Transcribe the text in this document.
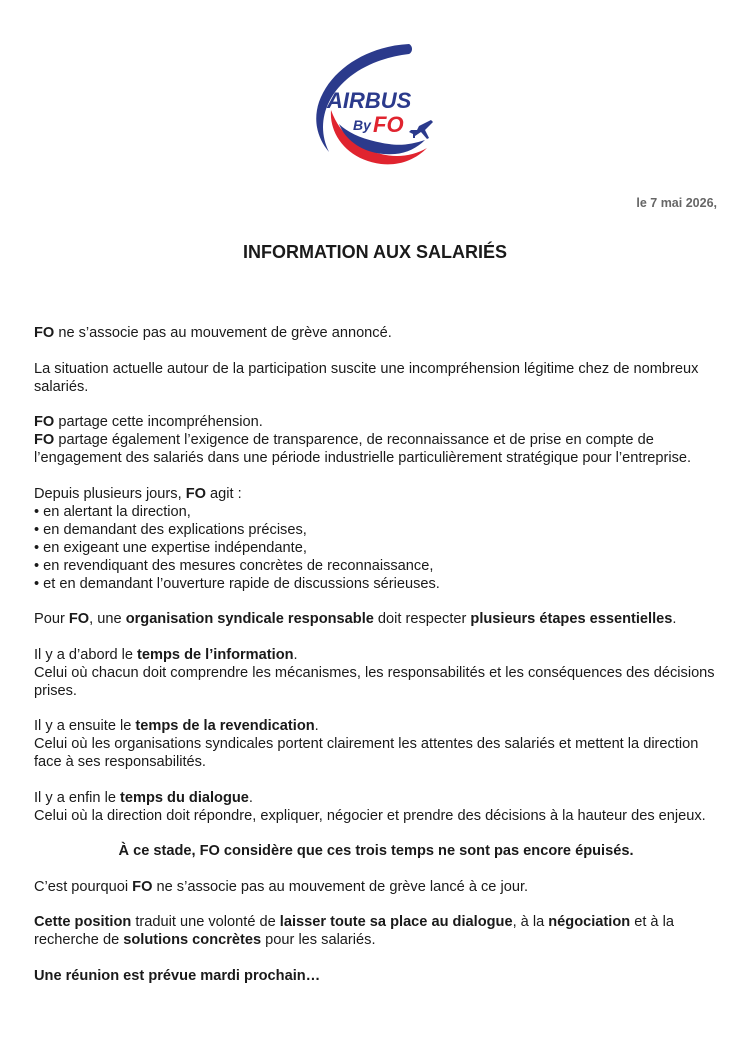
AIRBUS
By FO
le 7 mai 2026,
INFORMATION AUX SALARIÉS

FO ne s’associe pas au mouvement de grève annoncé.

La situation actuelle autour de la participation suscite une incompréhension légitime chez de nombreux salariés.

FO partage cette incompréhension.
FO partage également l’exigence de transparence, de reconnaissance et de prise en compte de l’engagement des salariés dans une période industrielle particulièrement stratégique pour l’entreprise.

Depuis plusieurs jours, FO agit :

• en alertant la direction,
• en demandant des explications précises,
• en exigeant une expertise indépendante,
• en revendiquant des mesures concrètes de reconnaissance,
• et en demandant l’ouverture rapide de discussions sérieuses.

Pour FO, une organisation syndicale responsable doit respecter plusieurs étapes essentielles.

Il y a d’abord le temps de l’information.
Celui où chacun doit comprendre les mécanismes, les responsabilités et les conséquences des décisions prises.

Il y a ensuite le temps de la revendication.
Celui où les organisations syndicales portent clairement les attentes des salariés et mettent la direction face à ses responsabilités.

Il y a enfin le temps du dialogue.
Celui où la direction doit répondre, expliquer, négocier et prendre des décisions à la hauteur des enjeux.

À ce stade, FO considère que ces trois temps ne sont pas encore épuisés.

C’est pourquoi FO ne s’associe pas au mouvement de grève lancé à ce jour.

Cette position traduit une volonté de laisser toute sa place au dialogue, à la négociation et à la recherche de solutions concrètes pour les salariés.

Une réunion est prévue mardi prochain…
